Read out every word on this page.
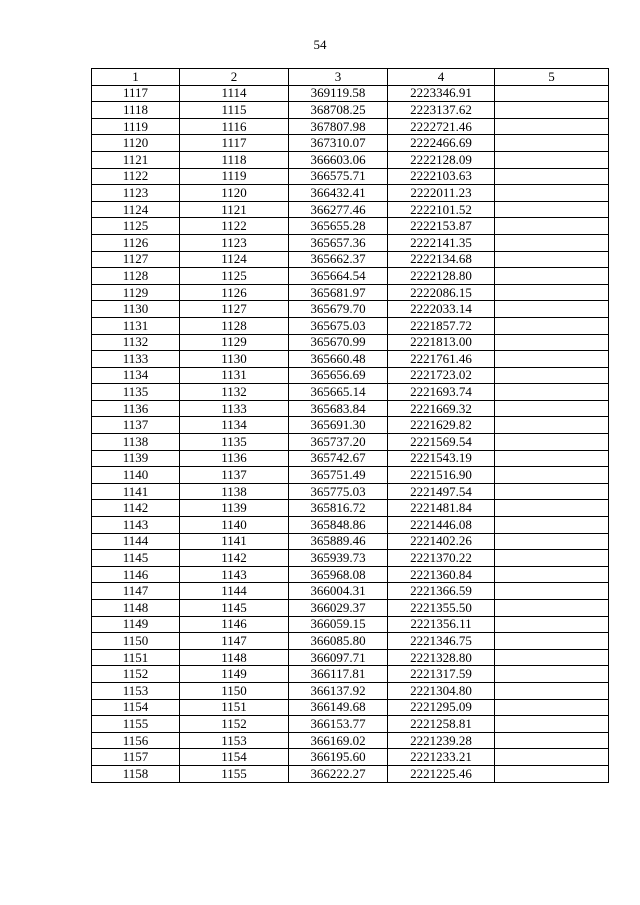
54
1	2	3	4	5
1117	1114	369119.58	2223346.91	
1118	1115	368708.25	2223137.62	
1119	1116	367807.98	2222721.46	
1120	1117	367310.07	2222466.69	
1121	1118	366603.06	2222128.09	
1122	1119	366575.71	2222103.63	
1123	1120	366432.41	2222011.23	
1124	1121	366277.46	2222101.52	
1125	1122	365655.28	2222153.87	
1126	1123	365657.36	2222141.35	
1127	1124	365662.37	2222134.68	
1128	1125	365664.54	2222128.80	
1129	1126	365681.97	2222086.15	
1130	1127	365679.70	2222033.14	
1131	1128	365675.03	2221857.72	
1132	1129	365670.99	2221813.00	
1133	1130	365660.48	2221761.46	
1134	1131	365656.69	2221723.02	
1135	1132	365665.14	2221693.74	
1136	1133	365683.84	2221669.32	
1137	1134	365691.30	2221629.82	
1138	1135	365737.20	2221569.54	
1139	1136	365742.67	2221543.19	
1140	1137	365751.49	2221516.90	
1141	1138	365775.03	2221497.54	
1142	1139	365816.72	2221481.84	
1143	1140	365848.86	2221446.08	
1144	1141	365889.46	2221402.26	
1145	1142	365939.73	2221370.22	
1146	1143	365968.08	2221360.84	
1147	1144	366004.31	2221366.59	
1148	1145	366029.37	2221355.50	
1149	1146	366059.15	2221356.11	
1150	1147	366085.80	2221346.75	
1151	1148	366097.71	2221328.80	
1152	1149	366117.81	2221317.59	
1153	1150	366137.92	2221304.80	
1154	1151	366149.68	2221295.09	
1155	1152	366153.77	2221258.81	
1156	1153	366169.02	2221239.28	
1157	1154	366195.60	2221233.21	
1158	1155	366222.27	2221225.46	
